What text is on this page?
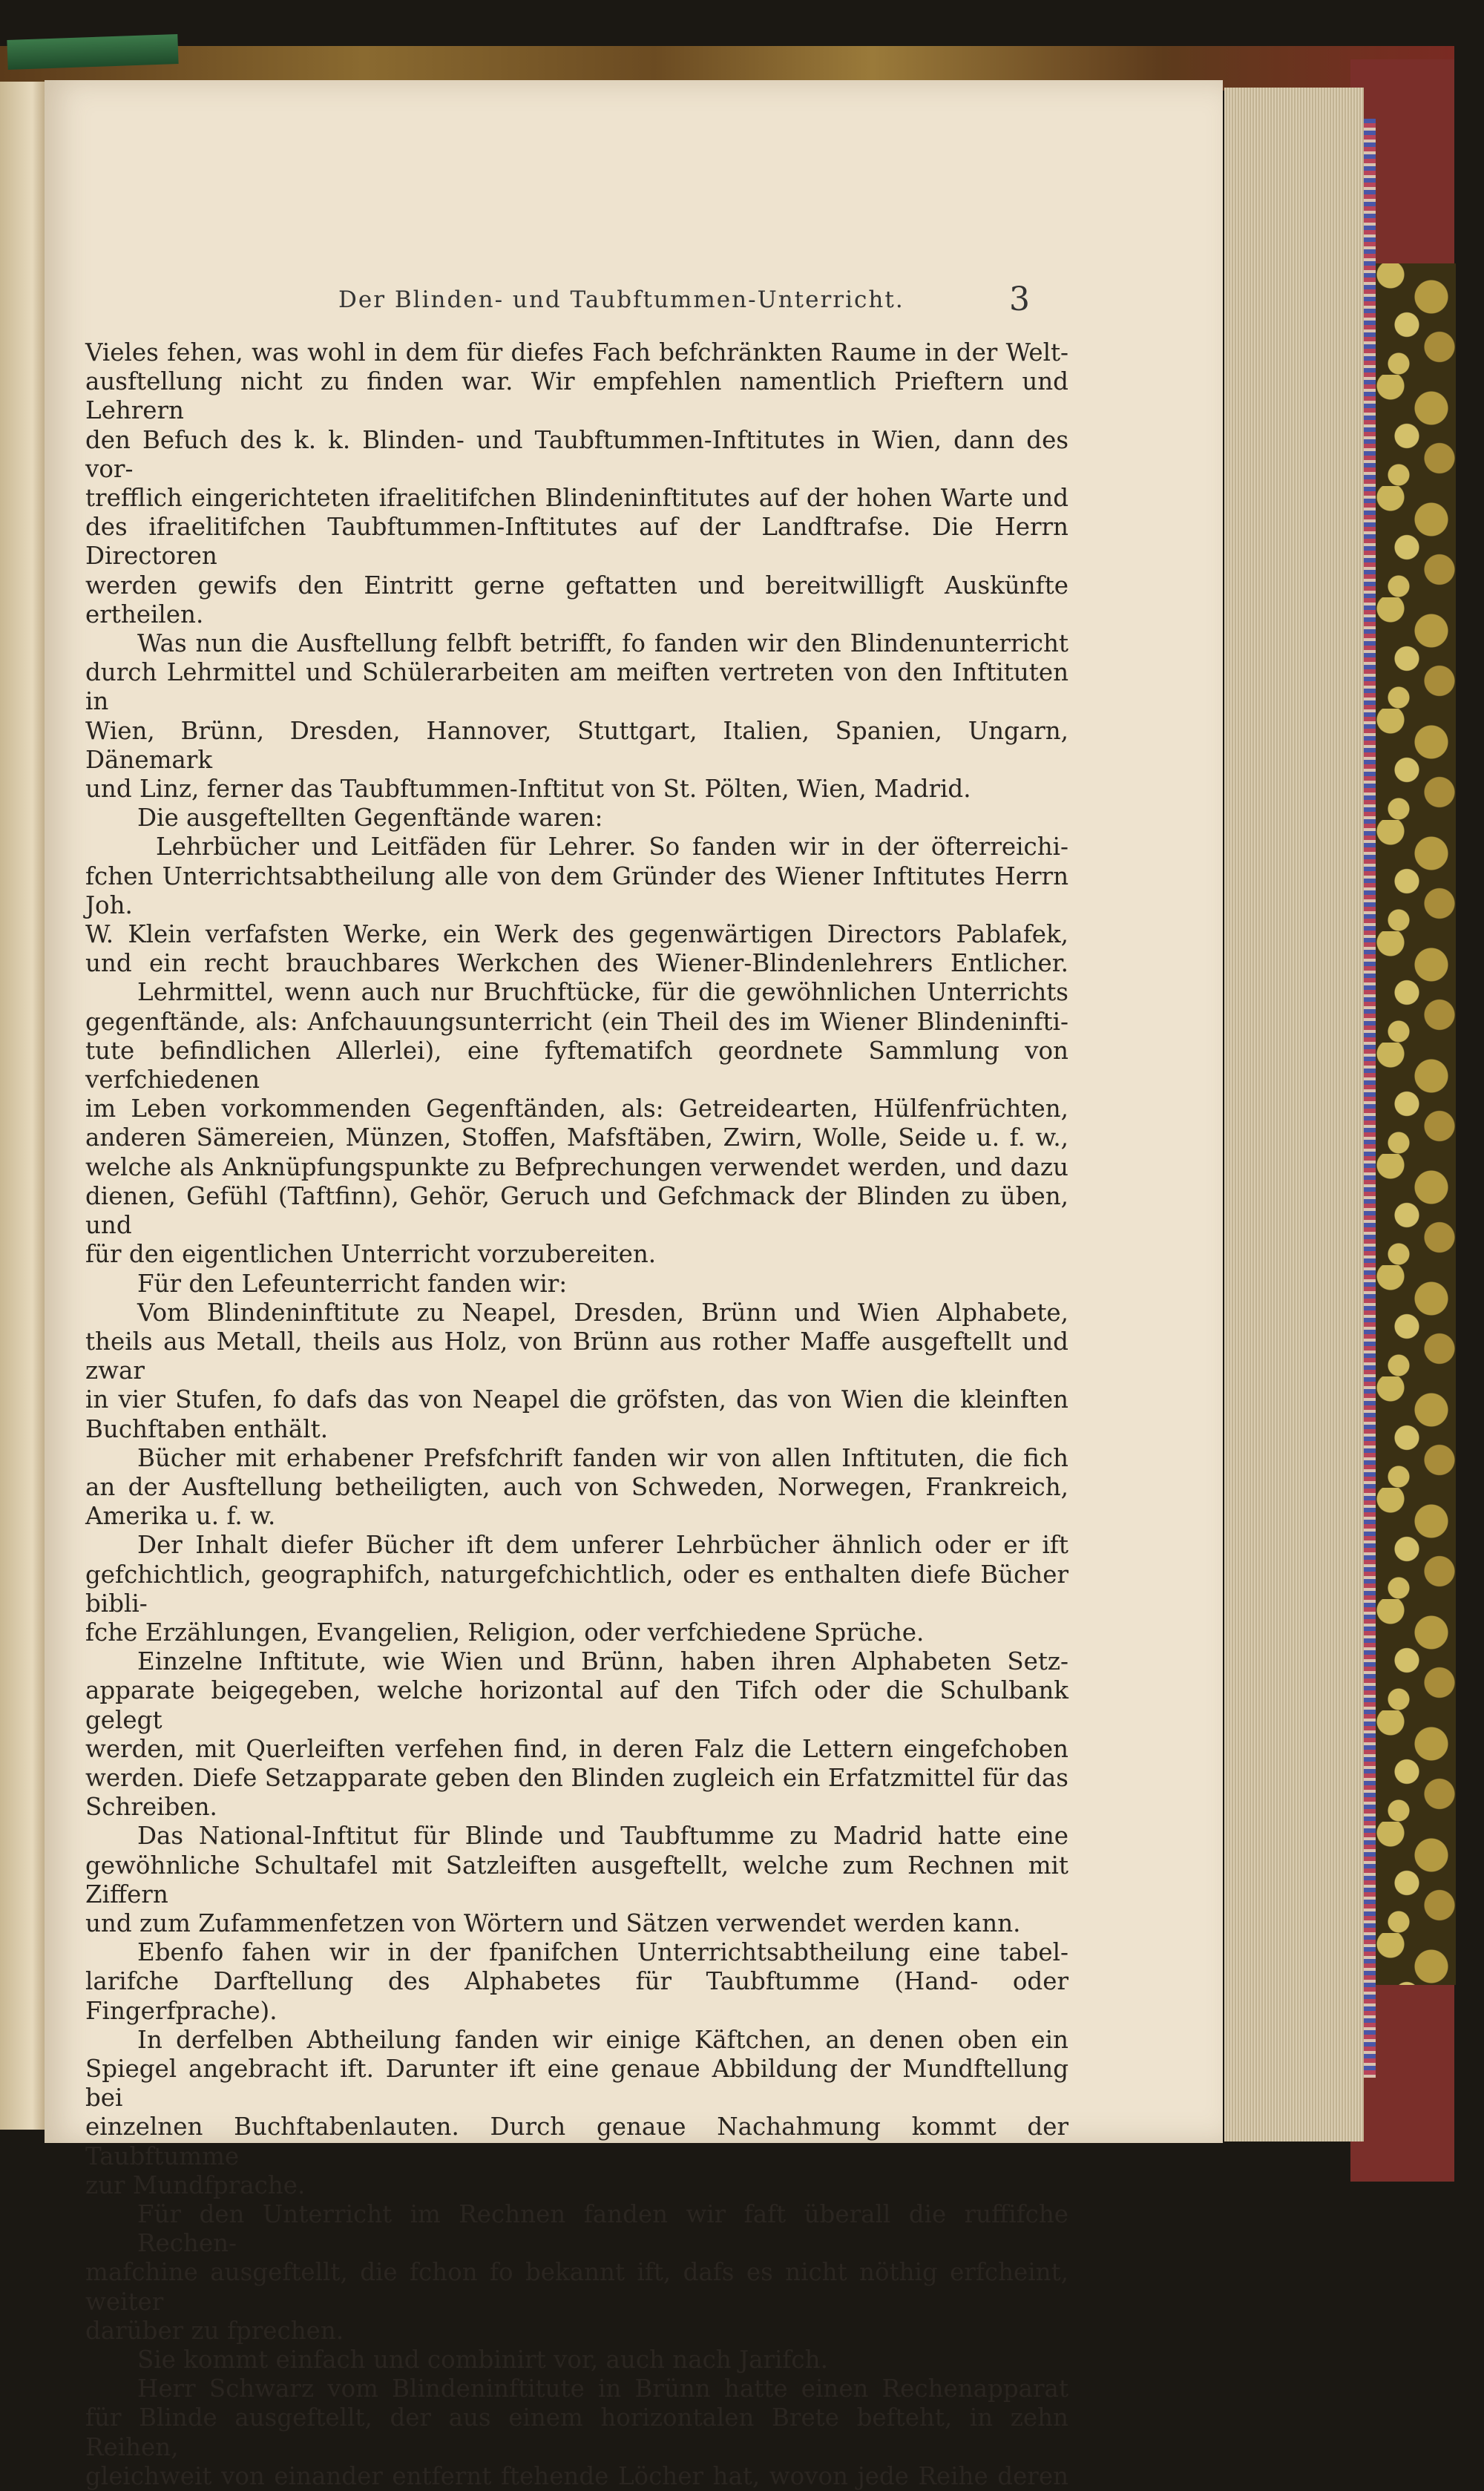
Der Blinden- und Taubftummen-Unterricht.	3

Vieles fehen, was wohl in dem für diefes Fach befchränkten Raume in der Welt-

ausftellung nicht zu finden war. Wir empfehlen namentlich Prieftern und Lehrern

den Befuch des k. k. Blinden- und Taubftummen-Inftitutes in Wien, dann des vor-

trefflich eingerichteten ifraelitifchen Blindeninftitutes auf der hohen Warte und

des ifraelitifchen Taubftummen-Inftitutes auf der Landftrafse. Die Herrn Directoren

werden gewifs den Eintritt gerne geftatten und bereitwilligft Auskünfte ertheilen.

Was nun die Ausftellung felbft betrifft, fo fanden wir den Blindenunterricht

durch Lehrmittel und Schülerarbeiten am meiften vertreten von den Inftituten in

Wien, Brünn, Dresden, Hannover, Stuttgart, Italien, Spanien, Ungarn, Dänemark

und Linz, ferner das Taubftummen-Inftitut von St. Pölten, Wien, Madrid.

Die ausgeftellten Gegenftände waren:

Lehrbücher und Leitfäden für Lehrer. So fanden wir in der öfterreichi-

fchen Unterrichtsabtheilung alle von dem Gründer des Wiener Inftitutes Herrn Joh.

W. Klein verfafsten Werke, ein Werk des gegenwärtigen Directors Pablafek,

und ein recht brauchbares Werkchen des Wiener-Blindenlehrers Entlicher.

Lehrmittel, wenn auch nur Bruchftücke, für die gewöhnlichen Unterrichts

gegenftände, als: Anfchauungsunterricht (ein Theil des im Wiener Blindeninfti-

tute befindlichen Allerlei), eine fyftematifch geordnete Sammlung von verfchiedenen

im Leben vorkommenden Gegenftänden, als: Getreidearten, Hülfenfrüchten,

anderen Sämereien, Münzen, Stoffen, Mafsftäben, Zwirn, Wolle, Seide u. f. w.,

welche als Anknüpfungspunkte zu Befprechungen verwendet werden, und dazu

dienen, Gefühl (Taftfinn), Gehör, Geruch und Gefchmack der Blinden zu üben, und

für den eigentlichen Unterricht vorzubereiten.

Für den Lefeunterricht fanden wir:

Vom Blindeninftitute zu Neapel, Dresden, Brünn und Wien Alphabete,

theils aus Metall, theils aus Holz, von Brünn aus rother Maffe ausgeftellt und zwar

in vier Stufen, fo dafs das von Neapel die gröfsten, das von Wien die kleinften

Buchftaben enthält.

Bücher mit erhabener Prefsfchrift fanden wir von allen Inftituten, die fich

an der Ausftellung betheiligten, auch von Schweden, Norwegen, Frankreich,

Amerika u. f. w.

Der Inhalt diefer Bücher ift dem unferer Lehrbücher ähnlich oder er ift

gefchichtlich, geographifch, naturgefchichtlich, oder es enthalten diefe Bücher bibli-

fche Erzählungen, Evangelien, Religion, oder verfchiedene Sprüche.

Einzelne Inftitute, wie Wien und Brünn, haben ihren Alphabeten Setz-

apparate beigegeben, welche horizontal auf den Tifch oder die Schulbank gelegt

werden, mit Querleiften verfehen find, in deren Falz die Lettern eingefchoben

werden. Diefe Setzapparate geben den Blinden zugleich ein Erfatzmittel für das

Schreiben.

Das National-Inftitut für Blinde und Taubftumme zu Madrid hatte eine

gewöhnliche Schultafel mit Satzleiften ausgeftellt, welche zum Rechnen mit Ziffern

und zum Zufammenfetzen von Wörtern und Sätzen verwendet werden kann.

Ebenfo fahen wir in der fpanifchen Unterrichtsabtheilung eine tabel-

larifche Darftellung des Alphabetes für Taubftumme (Hand- oder Fingerfprache).

In derfelben Abtheilung fanden wir einige Käftchen, an denen oben ein

Spiegel angebracht ift. Darunter ift eine genaue Abbildung der Mundftellung bei

einzelnen Buchftabenlauten. Durch genaue Nachahmung kommt der Taubftumme

zur Mundfprache.

Für den Unterricht im Rechnen fanden wir faft überall die ruffifche Rechen-

mafchine ausgeftellt, die fchon fo bekannt ift, dafs es nicht nöthig erfcheint, weiter

darüber zu fprechen.

Sie kommt einfach und combinirt vor, auch nach Jarifch.

Herr Schwarz vom Blindeninftitute in Brünn hatte einen Rechenapparat

für Blinde ausgeftellt, der aus einem horizontalen Brete befteht, in zehn Reihen,

gleichweit von einander entfernt ftehende Löcher hat, wovon jede Reihe deren
